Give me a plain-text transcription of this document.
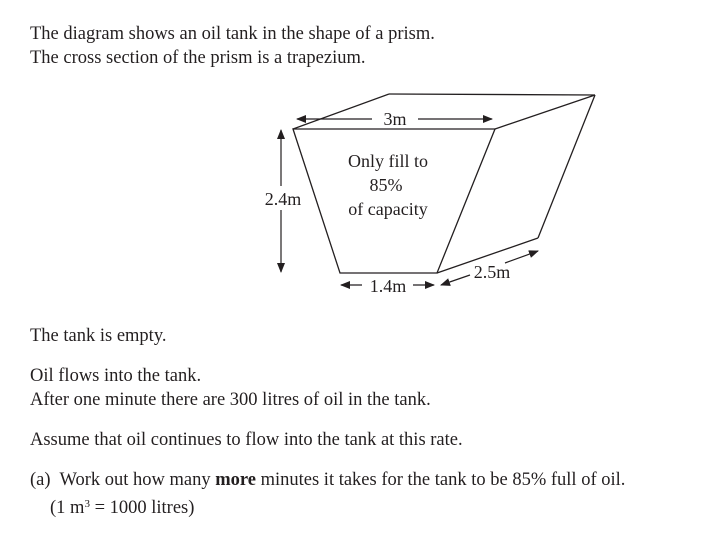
The diagram shows an oil tank in the shape of a prism.
The cross section of the prism is a trapezium.
3m
2.4m
1.4m
2.5m
Only fill to
85%
of capacity
The tank is empty.
Oil flows into the tank.
After one minute there are 300 litres of oil in the tank.
Assume that oil continues to flow into the tank at this rate.
(a) Work out how many more minutes it takes for the tank to be 85% full of oil.
(1 $m^3 = 1000$ litres)
